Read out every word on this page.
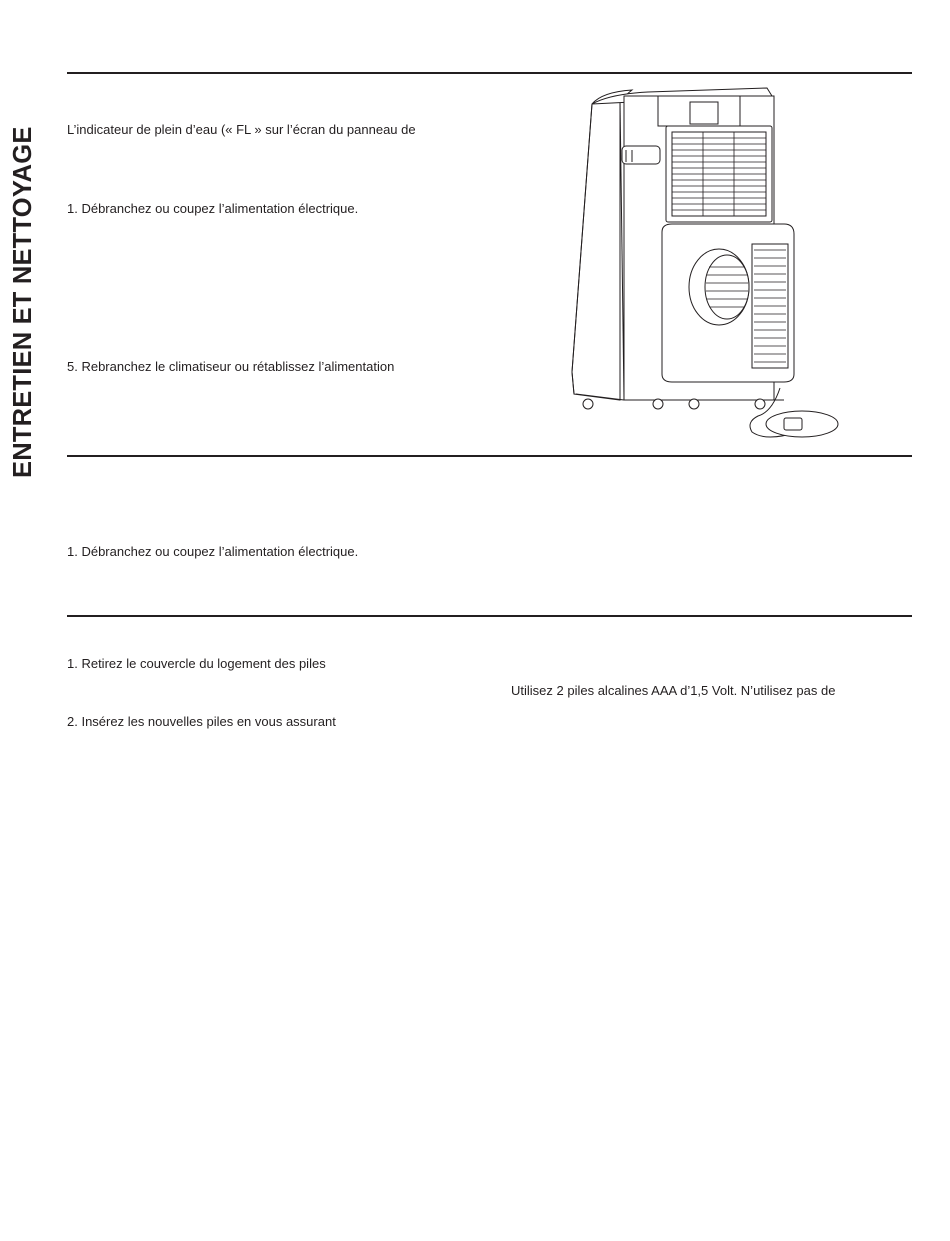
ENTRETIEN ET NETTOYAGE L’indicateur de plein d’eau (« FL » sur l’écran du panneau de
1. Débranchez ou coupez l’alimentation électrique.
5. Rebranchez le climatiseur ou rétablissez l’alimentation
1. Débranchez ou coupez l’alimentation électrique.
1. Retirez le couvercle du logement des piles
Utilisez 2 piles alcalines AAA d’1,5 Volt. N’utilisez pas de
2. Insérez les nouvelles piles en vous assurant
